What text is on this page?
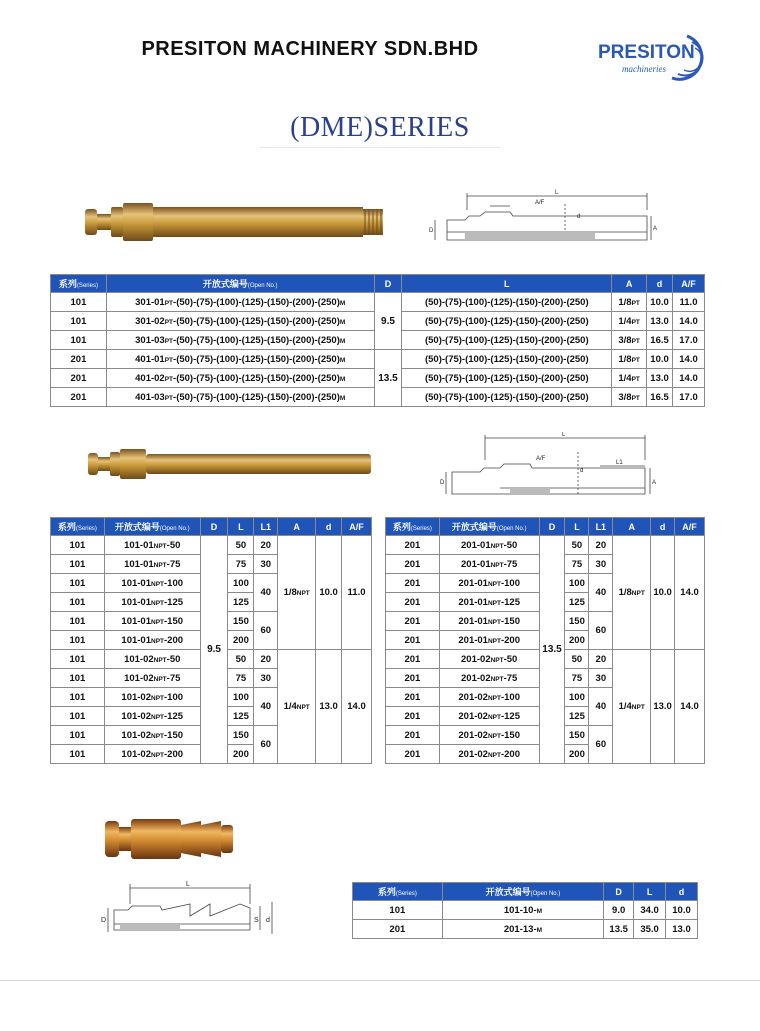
PRESITON MACHINERY SDN.BHD	PRESITON
machineries
(DME)SERIES
L
A/F
d
D	A
系列(Series)	开放式编号(Open No.)	D	L	A	d	A/F
101	301-01PT-(50)-(75)-(100)-(125)-(150)-(200)-(250)M	9.5	(50)-(75)-(100)-(125)-(150)-(200)-(250)	1/8PT	10.0	11.0
101	301-02PT-(50)-(75)-(100)-(125)-(150)-(200)-(250)M		(50)-(75)-(100)-(125)-(150)-(200)-(250)	1/4PT	13.0	14.0
101	301-03PT-(50)-(75)-(100)-(125)-(150)-(200)-(250)M		(50)-(75)-(100)-(125)-(150)-(200)-(250)	3/8PT	16.5	17.0
201	401-01PT-(50)-(75)-(100)-(125)-(150)-(200)-(250)M	13.5	(50)-(75)-(100)-(125)-(150)-(200)-(250)	1/8PT	10.0	14.0
201	401-02PT-(50)-(75)-(100)-(125)-(150)-(200)-(250)M		(50)-(75)-(100)-(125)-(150)-(200)-(250)	1/4PT	13.0	14.0
201	401-03PT-(50)-(75)-(100)-(125)-(150)-(200)-(250)M		(50)-(75)-(100)-(125)-(150)-(200)-(250)	3/8PT	16.5	17.0
L
A/F
L1
d
D	A
系列(Series)	开放式编号(Open No.)	D	L	L1	A	d	A/F
101	101-01NPT-50	9.5	50	20	1/8NPT	10.0	11.0
101	101-01NPT-75		75	30			
101	101-01NPT-100		100	40			
101	101-01NPT-125		125				
101	101-01NPT-150		150	60			
101	101-01NPT-200		200				
101	101-02NPT-50		50	20	1/4NPT	13.0	14.0
101	101-02NPT-75		75	30			
101	101-02NPT-100		100	40			
101	101-02NPT-125		125				
101	101-02NPT-150		150	60			
101	101-02NPT-200		200				
系列(Series)	开放式编号(Open No.)	D	L	L1	A	d	A/F
201	201-01NPT-50	13.5	50	20	1/8NPT	10.0	14.0
201	201-01NPT-75		75	30			
201	201-01NPT-100		100	40			
201	201-01NPT-125		125				
201	201-01NPT-150		150	60			
201	201-01NPT-200		200				
201	201-02NPT-50		50	20	1/4NPT	13.0	14.0
201	201-02NPT-75		75	30			
201	201-02NPT-100		100	40			
201	201-02NPT-125		125				
201	201-02NPT-150		150	60			
201	201-02NPT-200		200				
L
D	S d
系列(Series)	开放式编号(Open No.)	D	L	d
101	101-10-M	9.0	34.0	10.0
201	201-13-M	13.5	35.0	13.0
